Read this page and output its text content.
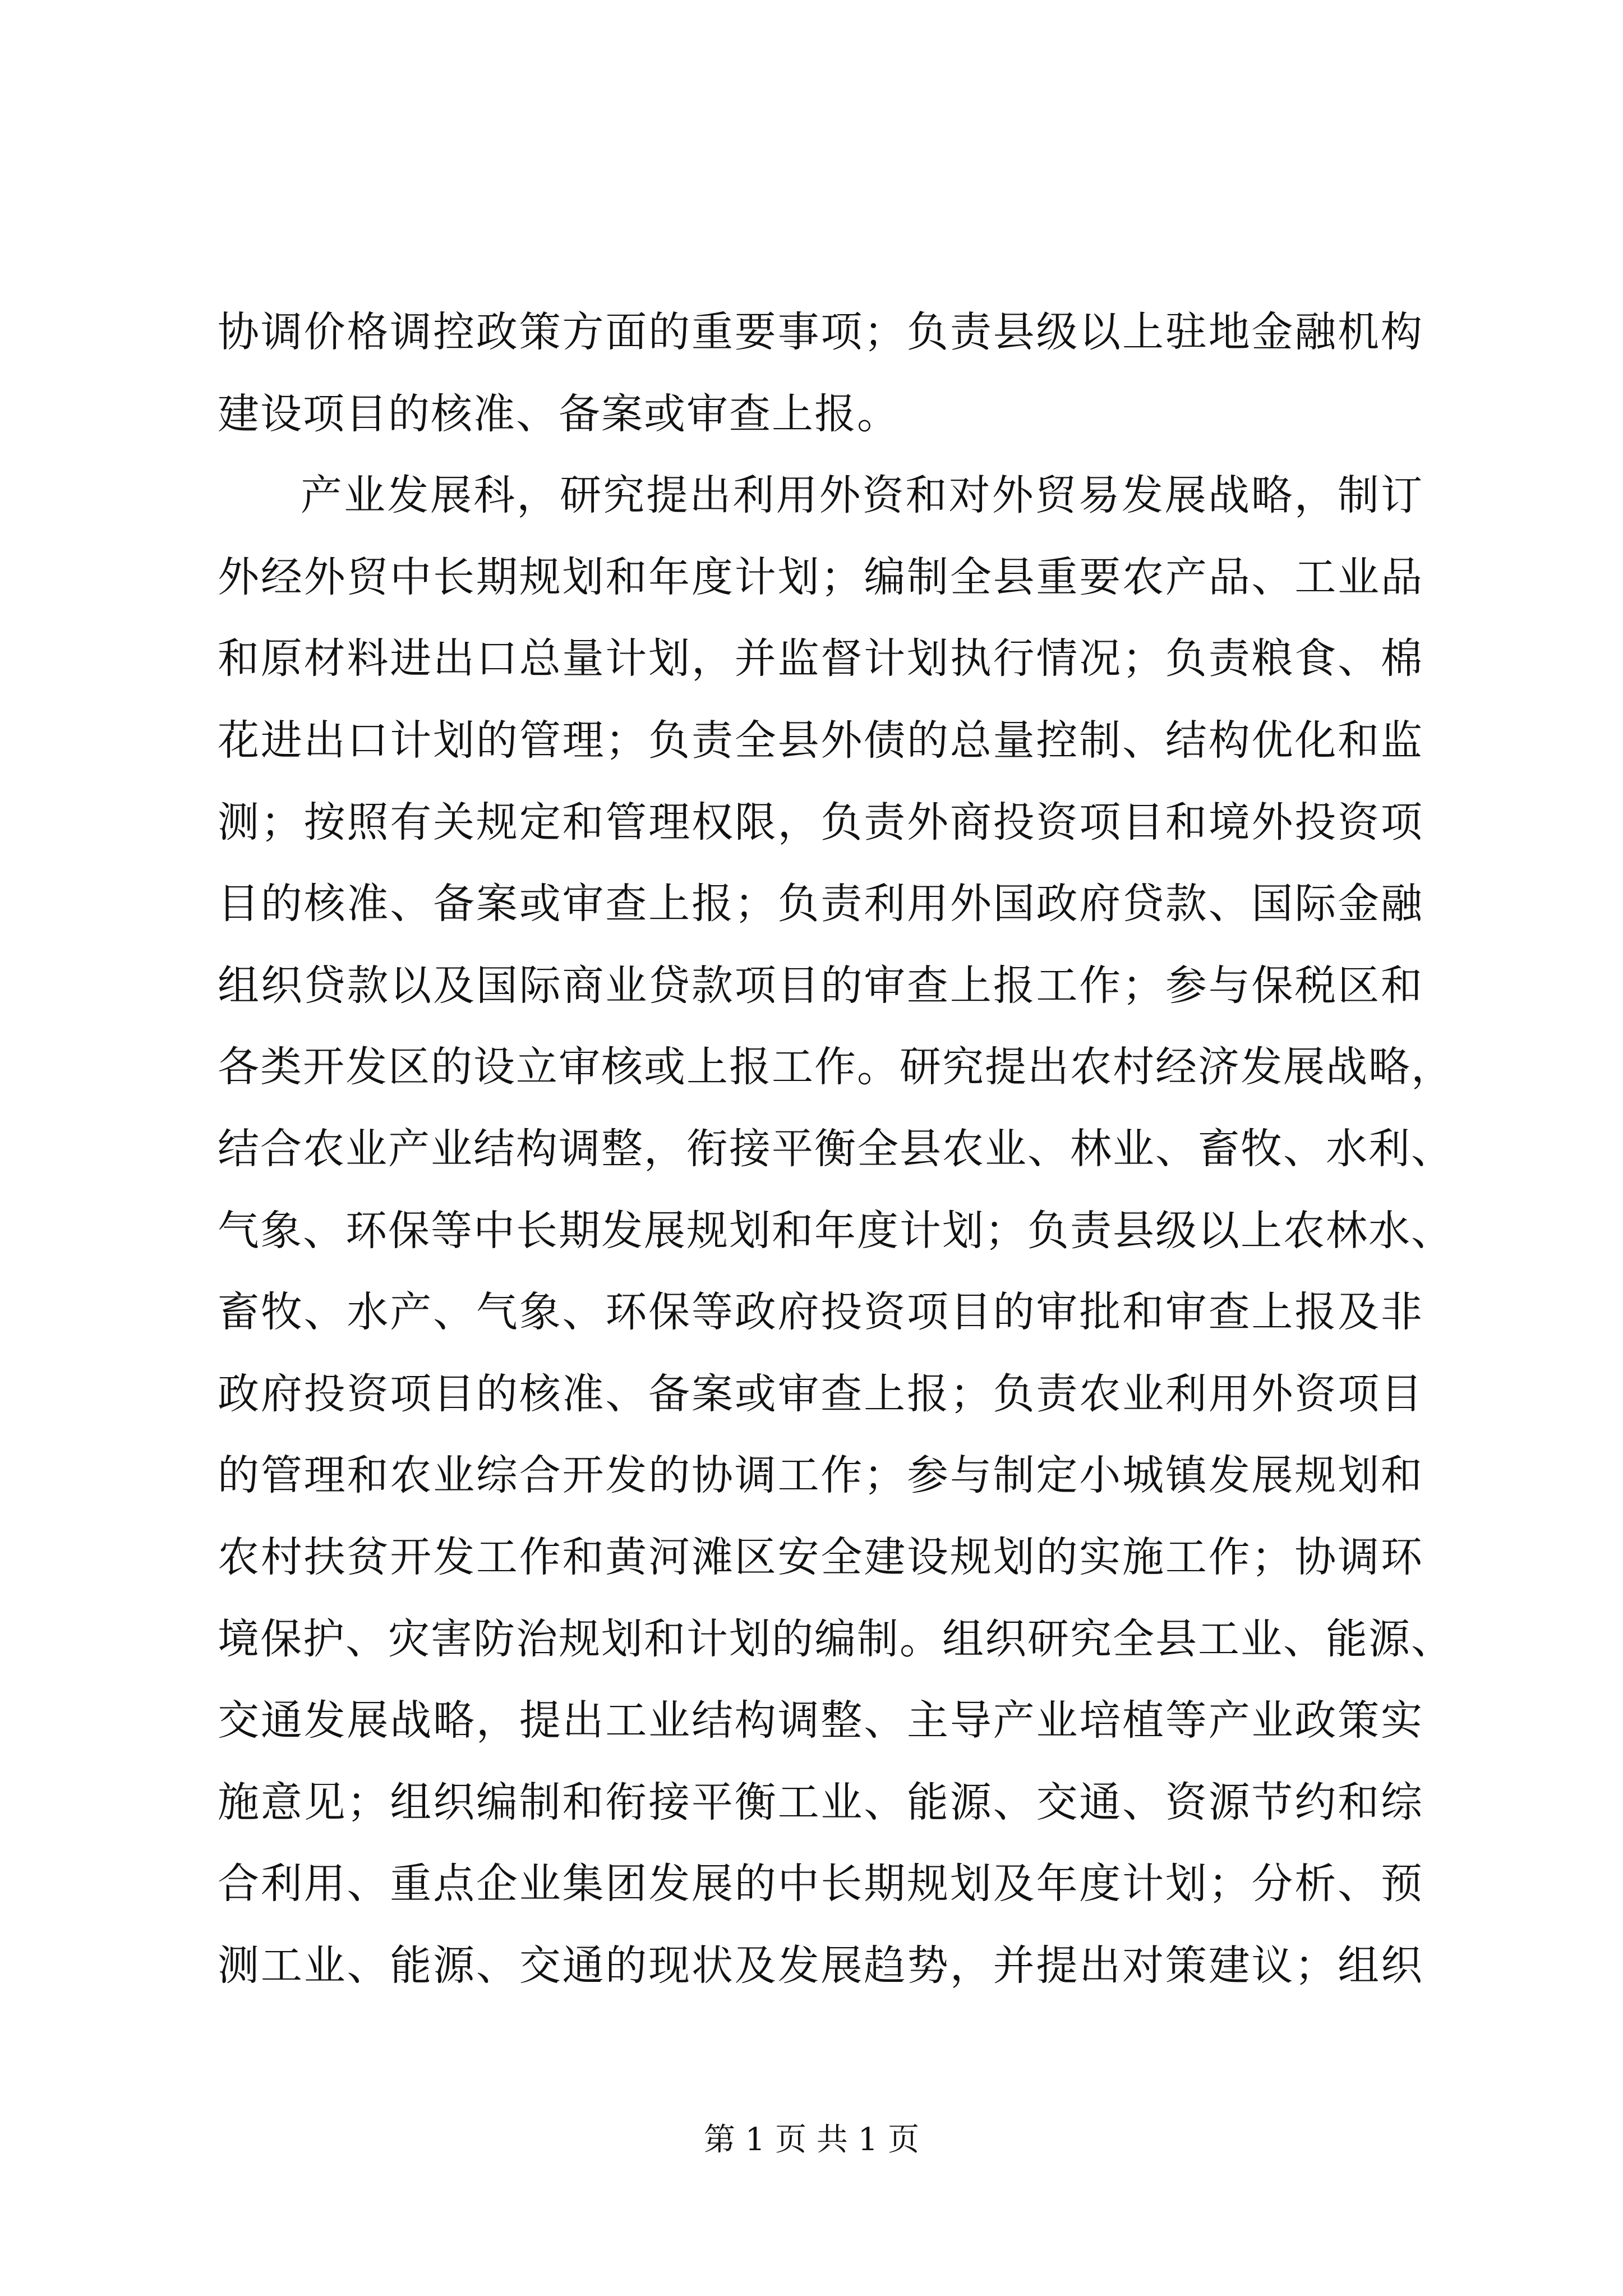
协调价格调控政策方面的重要事项；负责县级以上驻地金融机构
建设项目的核准、备案或审查上报。
产业发展科，研究提出利用外资和对外贸易发展战略，制订
外经外贸中长期规划和年度计划；编制全县重要农产品、工业品
和原材料进出口总量计划，并监督计划执行情况；负责粮食、棉
花进出口计划的管理；负责全县外债的总量控制、结构优化和监
测；按照有关规定和管理权限，负责外商投资项目和境外投资项
目的核准、备案或审查上报；负责利用外国政府贷款、国际金融
组织贷款以及国际商业贷款项目的审查上报工作；参与保税区和
各类开发区的设立审核或上报工作。研究提出农村经济发展战略，
结合农业产业结构调整，衔接平衡全县农业、林业、畜牧、水利、
气象、环保等中长期发展规划和年度计划；负责县级以上农林水、
畜牧、水产、气象、环保等政府投资项目的审批和审查上报及非
政府投资项目的核准、备案或审查上报；负责农业利用外资项目
的管理和农业综合开发的协调工作；参与制定小城镇发展规划和
农村扶贫开发工作和黄河滩区安全建设规划的实施工作；协调环
境保护、灾害防治规划和计划的编制。组织研究全县工业、能源、
交通发展战略，提出工业结构调整、主导产业培植等产业政策实
施意见；组织编制和衔接平衡工业、能源、交通、资源节约和综
合利用、重点企业集团发展的中长期规划及年度计划；分析、预
测工业、能源、交通的现状及发展趋势，并提出对策建议；组织
第 1 页 共 1 页
